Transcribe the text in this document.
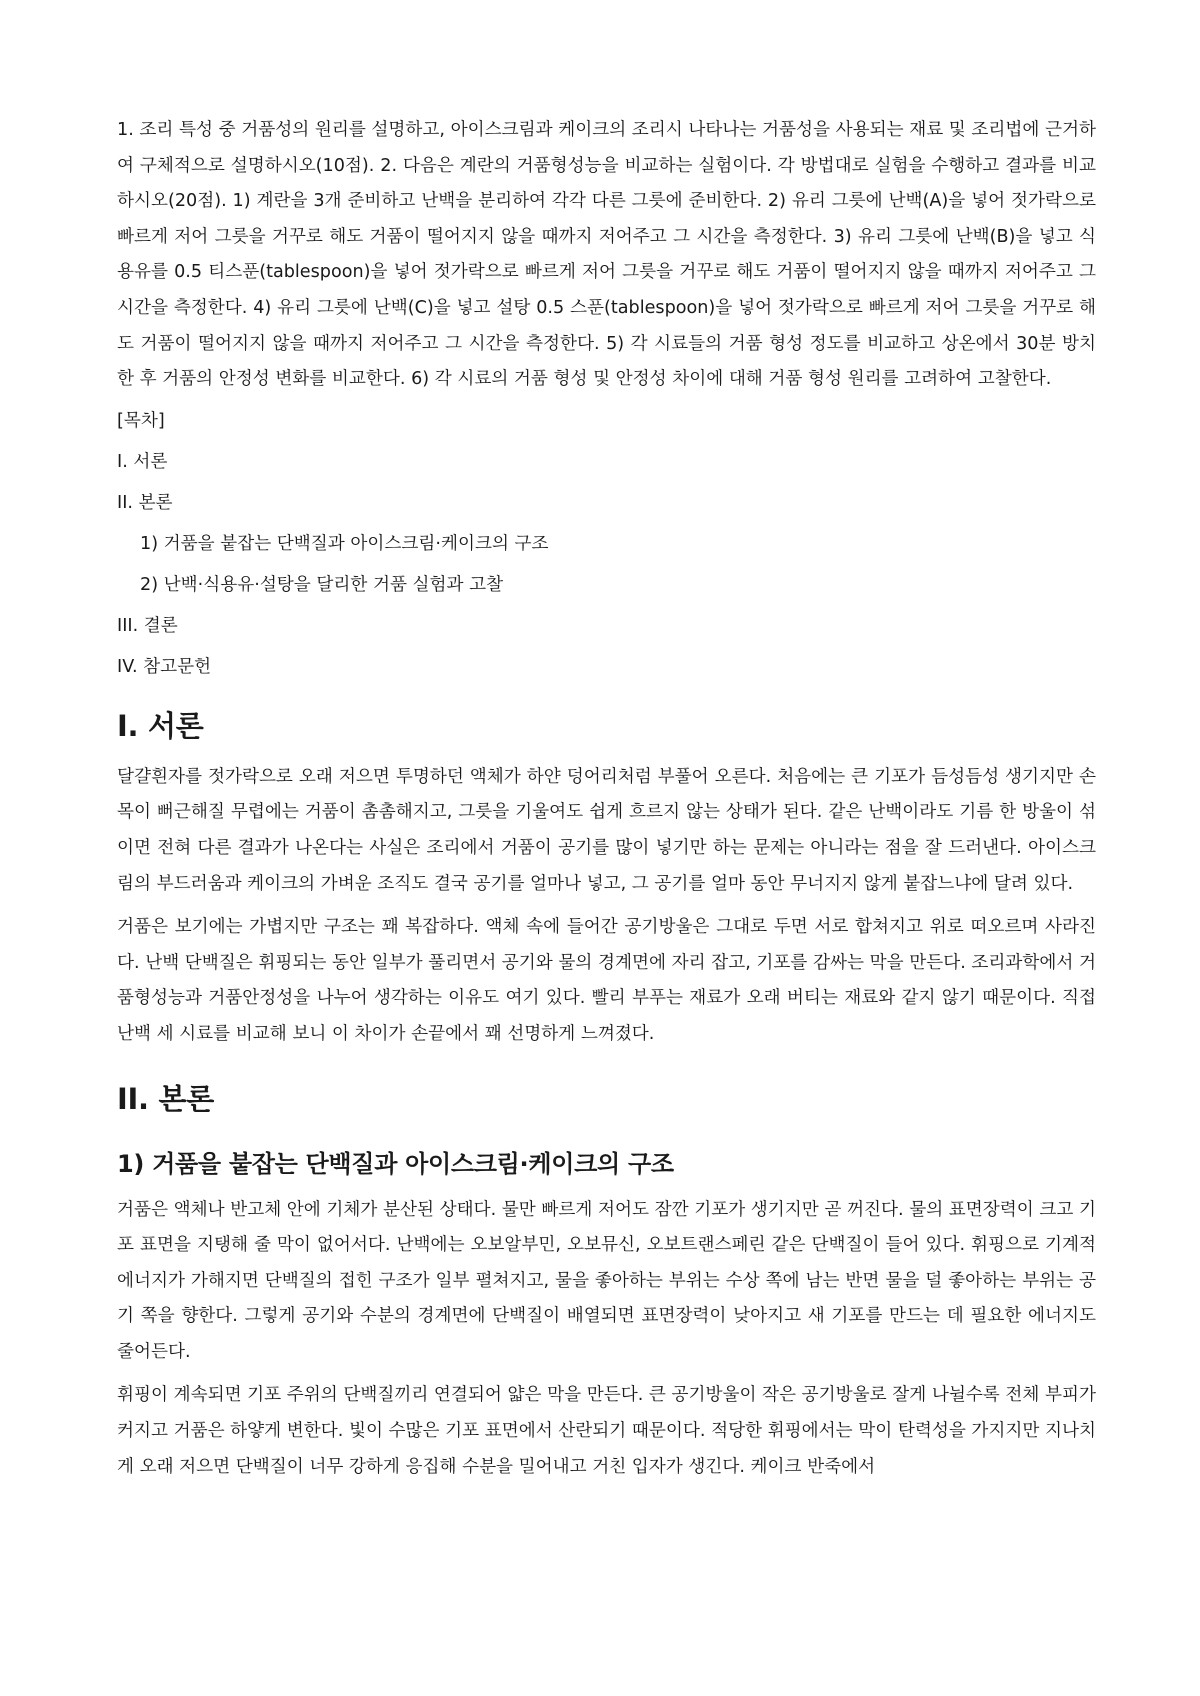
1. 조리 특성 중 거품성의 원리를 설명하고, 아이스크림과 케이크의 조리시 나타나는 거품성을 사용되는 재료 및 조리법에 근거하여 구체적으로 설명하시오(10점). 2. 다음은 계란의 거품형성능을 비교하는 실험이다. 각 방법대로 실험을 수행하고 결과를 비교하시오(20점). 1) 계란을 3개 준비하고 난백을 분리하여 각각 다른 그릇에 준비한다. 2) 유리 그릇에 난백(A)을 넣어 젓가락으로 빠르게 저어 그릇을 거꾸로 해도 거품이 떨어지지 않을 때까지 저어주고 그 시간을 측정한다. 3) 유리 그릇에 난백(B)을 넣고 식용유를 0.5 티스푼(tablespoon)을 넣어 젓가락으로 빠르게 저어 그릇을 거꾸로 해도 거품이 떨어지지 않을 때까지 저어주고 그 시간을 측정한다. 4) 유리 그릇에 난백(C)을 넣고 설탕 0.5 스푼(tablespoon)을 넣어 젓가락으로 빠르게 저어 그릇을 거꾸로 해도 거품이 떨어지지 않을 때까지 저어주고 그 시간을 측정한다. 5) 각 시료들의 거품 형성 정도를 비교하고 상온에서 30분 방치한 후 거품의 안정성 변화를 비교한다. 6) 각 시료의 거품 형성 및 안정성 차이에 대해 거품 형성 원리를 고려하여 고찰한다.

[목차]
I. 서론
II. 본론
1) 거품을 붙잡는 단백질과 아이스크림·케이크의 구조
2) 난백·식용유·설탕을 달리한 거품 실험과 고찰
III. 결론
IV. 참고문헌
I. 서론

달걀흰자를 젓가락으로 오래 저으면 투명하던 액체가 하얀 덩어리처럼 부풀어 오른다. 처음에는 큰 기포가 듬성듬성 생기지만 손목이 뻐근해질 무렵에는 거품이 촘촘해지고, 그릇을 기울여도 쉽게 흐르지 않는 상태가 된다. 같은 난백이라도 기름 한 방울이 섞이면 전혀 다른 결과가 나온다는 사실은 조리에서 거품이 공기를 많이 넣기만 하는 문제는 아니라는 점을 잘 드러낸다. 아이스크림의 부드러움과 케이크의 가벼운 조직도 결국 공기를 얼마나 넣고, 그 공기를 얼마 동안 무너지지 않게 붙잡느냐에 달려 있다.

거품은 보기에는 가볍지만 구조는 꽤 복잡하다. 액체 속에 들어간 공기방울은 그대로 두면 서로 합쳐지고 위로 떠오르며 사라진다. 난백 단백질은 휘핑되는 동안 일부가 풀리면서 공기와 물의 경계면에 자리 잡고, 기포를 감싸는 막을 만든다. 조리과학에서 거품형성능과 거품안정성을 나누어 생각하는 이유도 여기 있다. 빨리 부푸는 재료가 오래 버티는 재료와 같지 않기 때문이다. 직접 난백 세 시료를 비교해 보니 이 차이가 손끝에서 꽤 선명하게 느껴졌다.

II. 본론
1) 거품을 붙잡는 단백질과 아이스크림·케이크의 구조

거품은 액체나 반고체 안에 기체가 분산된 상태다. 물만 빠르게 저어도 잠깐 기포가 생기지만 곧 꺼진다. 물의 표면장력이 크고 기포 표면을 지탱해 줄 막이 없어서다. 난백에는 오보알부민, 오보뮤신, 오보트랜스페린 같은 단백질이 들어 있다. 휘핑으로 기계적 에너지가 가해지면 단백질의 접힌 구조가 일부 펼쳐지고, 물을 좋아하는 부위는 수상 쪽에 남는 반면 물을 덜 좋아하는 부위는 공기 쪽을 향한다. 그렇게 공기와 수분의 경계면에 단백질이 배열되면 표면장력이 낮아지고 새 기포를 만드는 데 필요한 에너지도 줄어든다.

휘핑이 계속되면 기포 주위의 단백질끼리 연결되어 얇은 막을 만든다. 큰 공기방울이 작은 공기방울로 잘게 나뉠수록 전체 부피가 커지고 거품은 하얗게 변한다. 빛이 수많은 기포 표면에서 산란되기 때문이다. 적당한 휘핑에서는 막이 탄력성을 가지지만 지나치게 오래 저으면 단백질이 너무 강하게 응집해 수분을 밀어내고 거친 입자가 생긴다. 케이크 반죽에서
